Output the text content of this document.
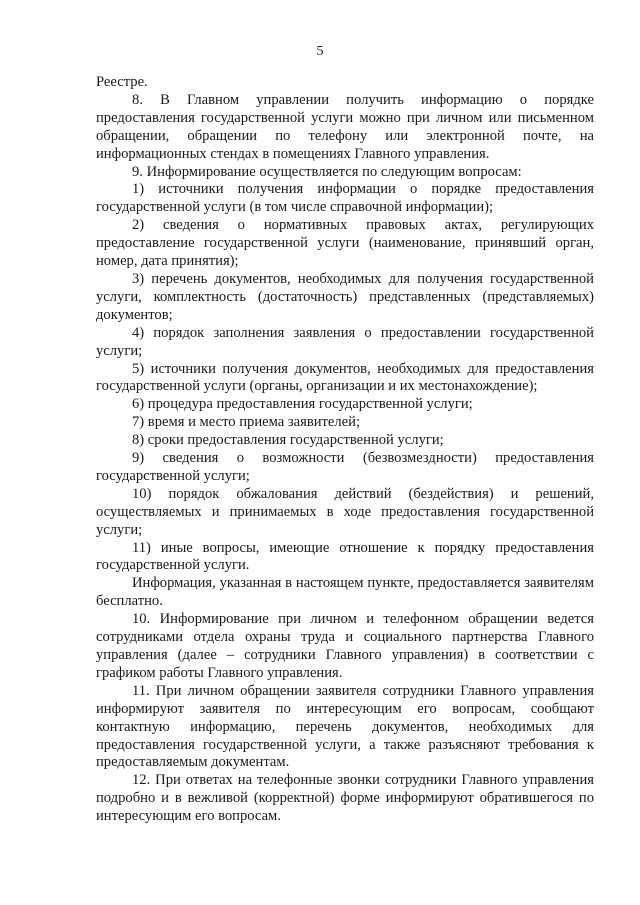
5

Реестре.

8. В Главном управлении получить информацию о порядке предоставления государственной услуги можно при личном или письменном обращении, обращении по телефону или электронной почте, на информационных стендах в помещениях Главного управления.

9. Информирование осуществляется по следующим вопросам:

1) источники получения информации о порядке предоставления государственной услуги (в том числе справочной информации);

2) сведения о нормативных правовых актах, регулирующих предоставление государственной услуги (наименование, принявший орган, номер, дата принятия);

3) перечень документов, необходимых для получения государственной услуги, комплектность (достаточность) представленных (представляемых) документов;

4) порядок заполнения заявления о предоставлении государственной услуги;

5) источники получения документов, необходимых для предоставления государственной услуги (органы, организации и их местонахождение);

6) процедура предоставления государственной услуги;

7) время и место приема заявителей;

8) сроки предоставления государственной услуги;

9) сведения о возможности (безвозмездности) предоставления государственной услуги;

10) порядок обжалования действий (бездействия) и решений, осуществляемых и принимаемых в ходе предоставления государственной услуги;

11) иные вопросы, имеющие отношение к порядку предоставления государственной услуги.

Информация, указанная в настоящем пункте, предоставляется заявителям бесплатно.

10. Информирование при личном и телефонном обращении ведется сотрудниками отдела охраны труда и социального партнерства Главного управления (далее – сотрудники Главного управления) в соответствии с графиком работы Главного управления.

11. При личном обращении заявителя сотрудники Главного управления информируют заявителя по интересующим его вопросам, сообщают контактную информацию, перечень документов, необходимых для предоставления государственной услуги, а также разъясняют требования к предоставляемым документам.

12. При ответах на телефонные звонки сотрудники Главного управления подробно и в вежливой (корректной) форме информируют обратившегося по интересующим его вопросам.
